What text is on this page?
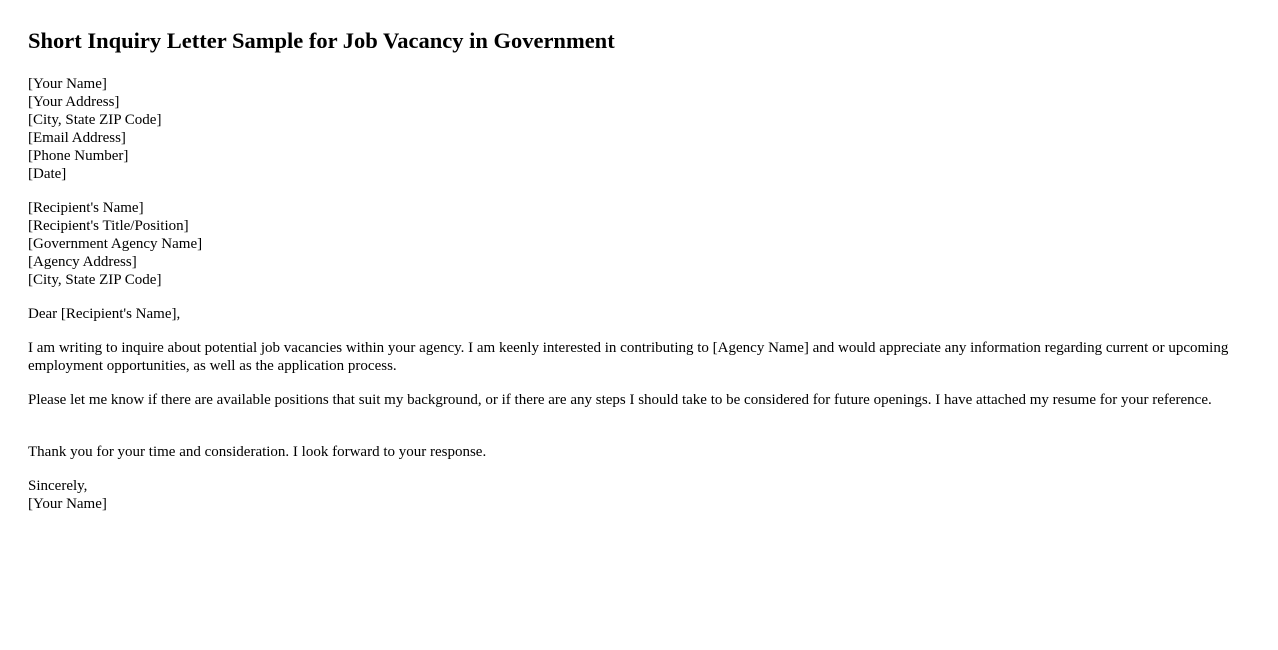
Short Inquiry Letter Sample for Job Vacancy in Government
[Your Name]
[Your Address]
[City, State ZIP Code]
[Email Address]
[Phone Number]
[Date]
[Recipient's Name]
[Recipient's Title/Position]
[Government Agency Name]
[Agency Address]
[City, State ZIP Code]

Dear [Recipient's Name],

I am writing to inquire about potential job vacancies within your agency. I am keenly interested in contributing to [Agency Name] and would appreciate any information regarding current or upcoming employment opportunities, as well as the application process.

Please let me know if there are available positions that suit my background, or if there are any steps I should take to be considered for future openings. I have attached my resume for your reference.

Thank you for your time and consideration. I look forward to your response.

Sincerely,
[Your Name]
